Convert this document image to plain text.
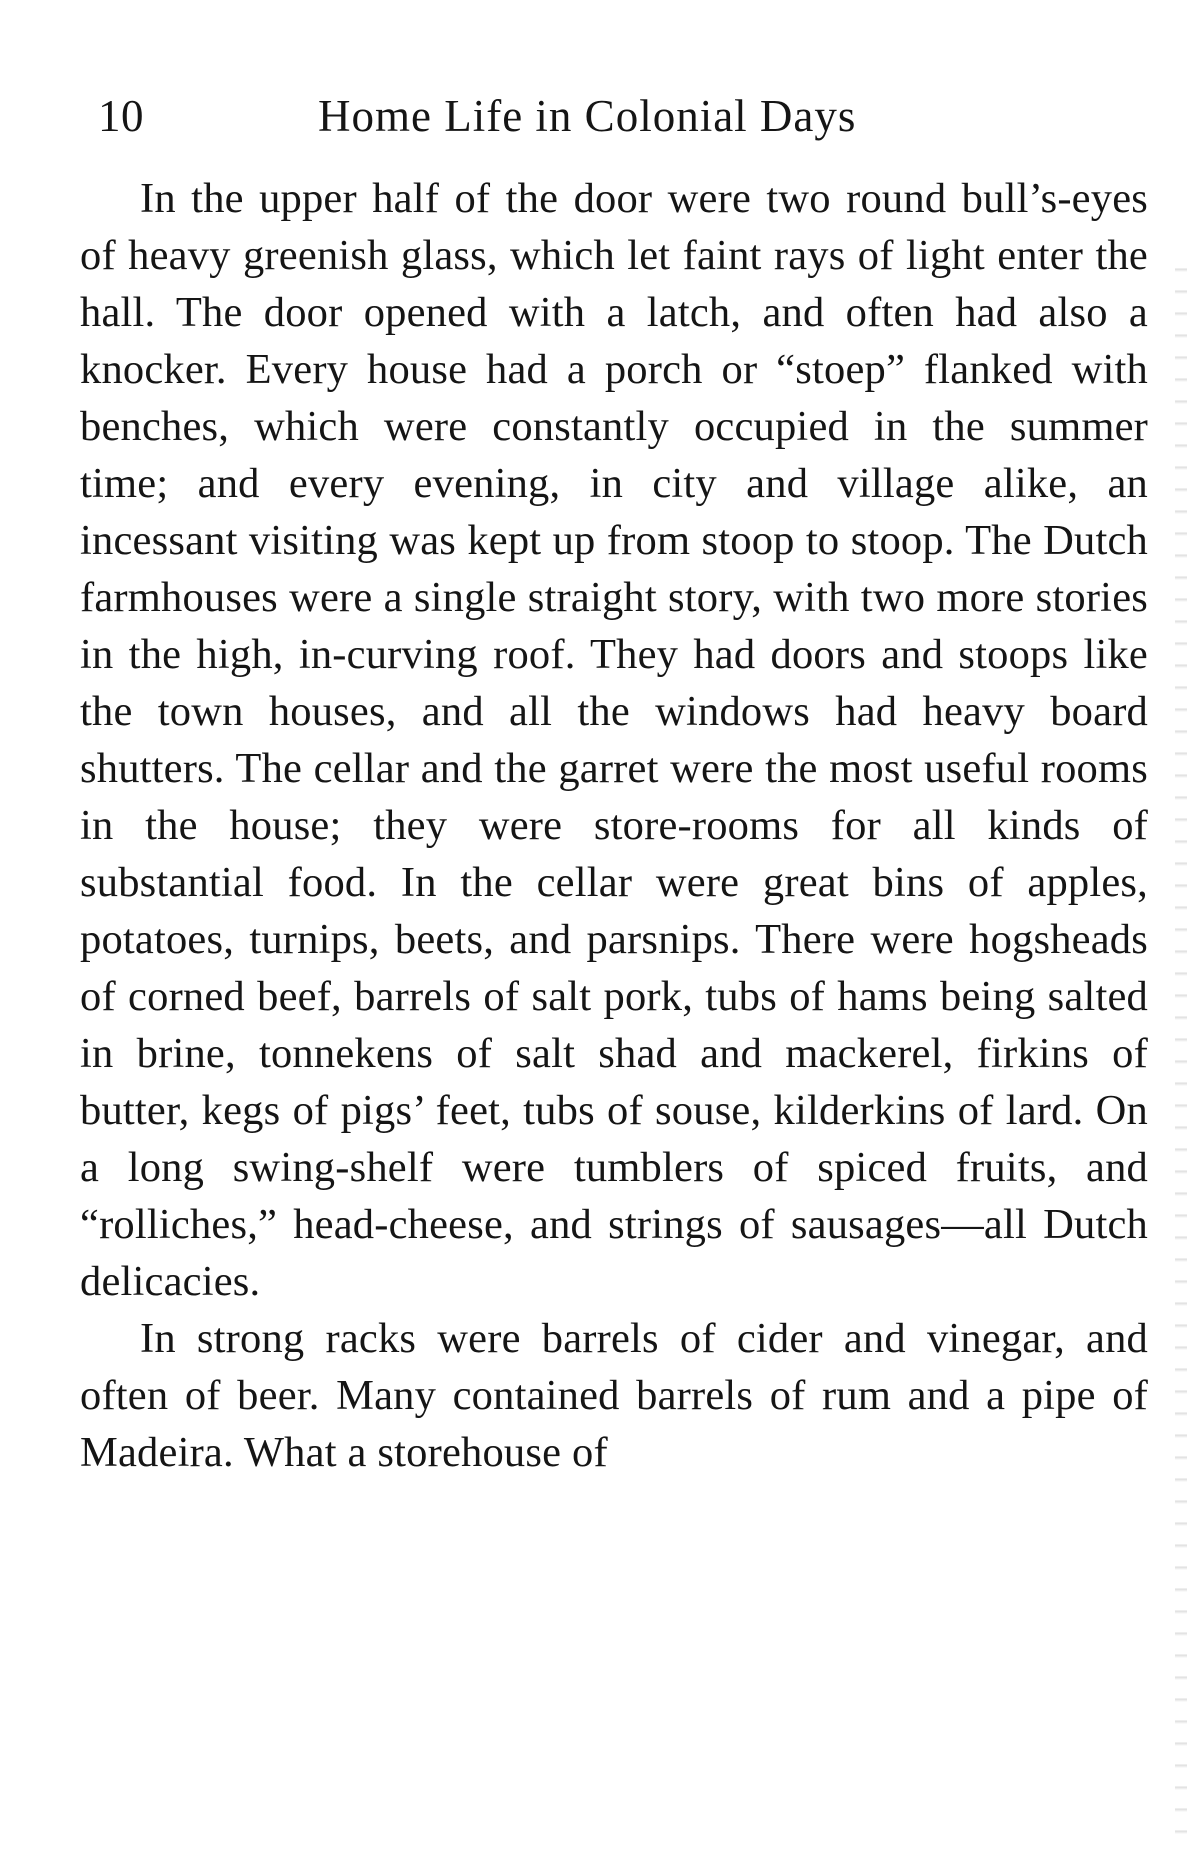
10	Home Life in Colonial Days

In the upper half of the door were two round bull’s-eyes of heavy greenish glass, which let faint rays of light enter the hall. The door opened with a latch, and often had also a knocker. Every house had a porch or “stoep” flanked with benches, which were constantly occupied in the summer time; and every evening, in city and village alike, an incessant visiting was kept up from stoop to stoop. The Dutch farmhouses were a single straight story, with two more stories in the high, in-curving roof. They had doors and stoops like the town houses, and all the windows had heavy board shutters. The cellar and the garret were the most useful rooms in the house; they were store-rooms for all kinds of substantial food. In the cellar were great bins of apples, potatoes, turnips, beets, and parsnips. There were hogsheads of corned beef, barrels of salt pork, tubs of hams being salted in brine, tonnekens of salt shad and mackerel, firkins of butter, kegs of pigs’ feet, tubs of souse, kilderkins of lard. On a long swing-shelf were tumblers of spiced fruits, and “rolliches,” head-cheese, and strings of sausages—all Dutch delicacies.

In strong racks were barrels of cider and vinegar, and often of beer. Many contained barrels of rum and a pipe of Madeira. What a storehouse of
